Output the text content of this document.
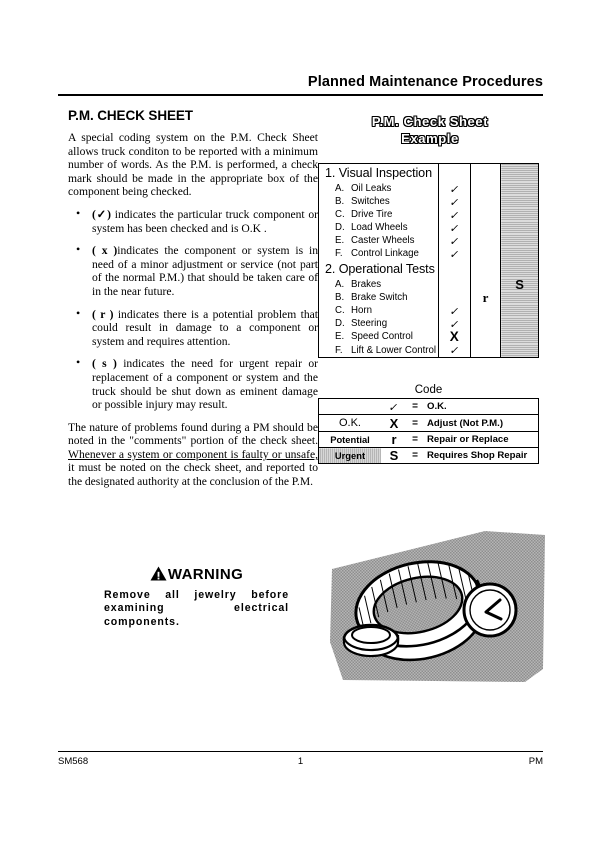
Planned Maintenance Procedures
P.M. CHECK SHEET

A special coding system on the P.M. Check Sheet allows truck conditon to be reported with a minimum number of words. As the P.M. is performed, a check mark should be made in the appropriate box of the component being checked.

• (✓) indicates the particular truck component or system has been checked and is O.K .
• ( x )indicates the component or system is in need of a minor adjustment or service (not part of the normal P.M.) that should be taken care of in the near future.
• ( r ) indicates there is a potential problem that could result in damage to a component or system and requires attention.
• ( s ) indicates the need for urgent repair or replacement of a component or system and the truck should be shut down as eminent damage or possible injury may result.

The nature of problems found during a PM should be noted in the "comments" portion of the check sheet. Whenever a system or component is faulty or unsafe, it must be noted on the check sheet, and reported to the designated authority at the conclusion of the P.M.

P.M. Check Sheet
Example
1. Visual Inspection			
A. Oil Leaks	✓		
B. Switches	✓		
C. Drive Tire	✓		
D. Load Wheels	✓		
E. Caster Wheels	✓		
F. Control Linkage	✓		
2. Operational Tests			
A. Brakes			S
B. Brake Switch		r	
C. Horn	✓		
D. Steering	✓		
E. Speed Control	X		
F. Lift & Lower Control	✓		
Code
	✓	=	O.K.
O.K.	X	=	Adjust (Not P.M.)
Potential	r	=	Repair or Replace
Urgent	S	=	Requires Shop Repair
WARNING
Remove all jewelry before examining electrical components.
SM568	1	PM
